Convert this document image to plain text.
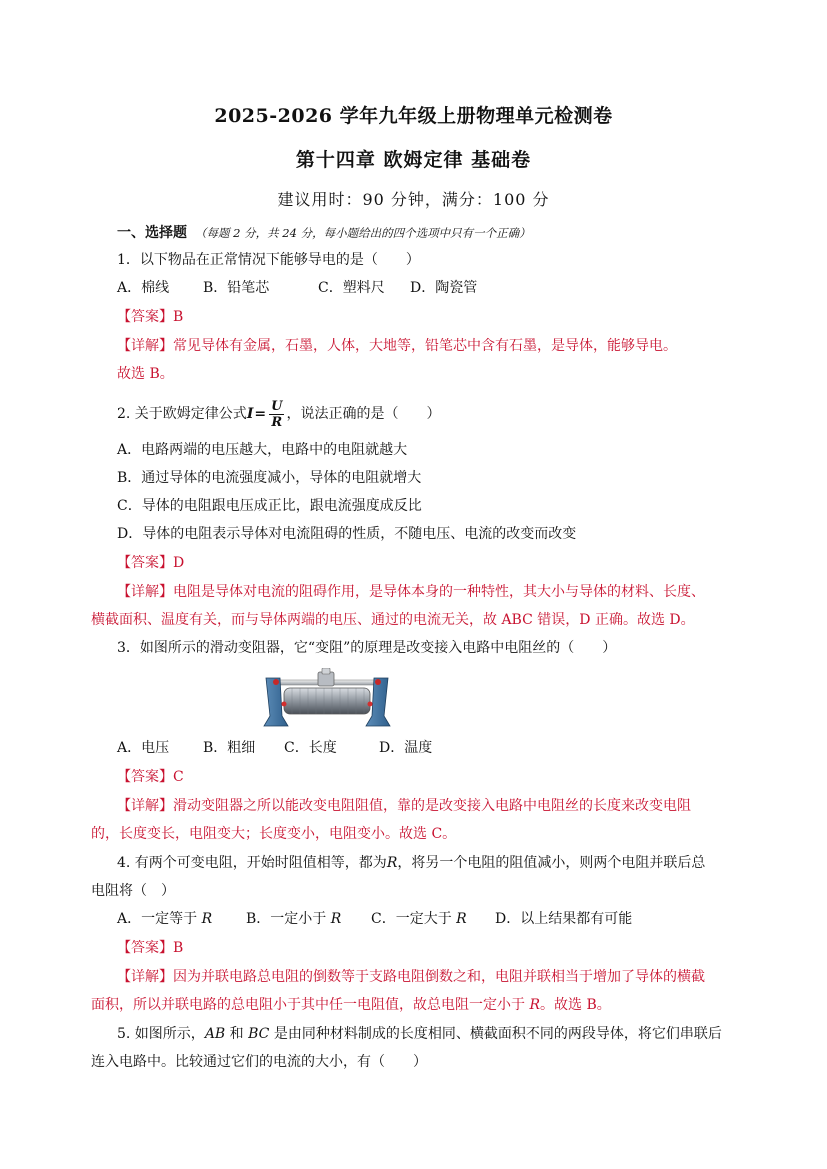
2025-2026 学年九年级上册物理单元检测卷
第十四章 欧姆定律 基础卷
建议用时：90 分钟，满分：100 分
一、选择题 （每题 2 分，共 24 分，每小题给出的四个选项中只有一个正确）
1．以下物品在正常情况下能够导电的是（　　）
A．棉线 B．铅笔芯	C．塑料尺 D．陶瓷管
【答案】B
【详解】常见导体有金属，石墨，人体，大地等，铅笔芯中含有石墨，是导体，能够导电。
故选 B。
2. 关于欧姆定律公式 $I = \frac{U}{R}$ ，说法正确的是（　　）
A．电路两端的电压越大，电路中的电阻就越大
B．通过导体的电流强度减小，导体的电阻就增大
C．导体的电阻跟电压成正比，跟电流强度成反比
D．导体的电阻表示导体对电流阻碍的性质，不随电压、电流的改变而改变
【答案】D
【详解】电阻是导体对电流的阻碍作用，是导体本身的一种特性，其大小与导体的材料、长度、
横截面积、温度有关，而与导体两端的电压、通过的电流无关，故 ABC 错误，D 正确。故选 D。
3．如图所示的滑动变阻器，它“变阻”的原理是改变接入电路中电阻丝的（　　）
A．电压 B．粗细 C．长度	D．温度
【答案】C
【详解】滑动变阻器之所以能改变电阻阻值，靠的是改变接入电路中电阻丝的长度来改变电阻
的，长度变长，电阻变大；长度变小，电阻变小。故选 C。
4. 有两个可变电阻，开始时阻值相等，都为R，将另一个电阻的阻值减小，则两个电阻并联后总
电阻将（　）
A．一定等于 R B．一定小于 R C．一定大于 R D．以上结果都有可能
【答案】B
【详解】因为并联电路总电阻的倒数等于支路电阻倒数之和，电阻并联相当于增加了导体的横截
面积，所以并联电路的总电阻小于其中任一电阻值，故总电阻一定小于 R。故选 B。
5. 如图所示，AB 和 BC 是由同种材料制成的长度相同、横截面积不同的两段导体，将它们串联后
连入电路中。比较通过它们的电流的大小，有（　　）
